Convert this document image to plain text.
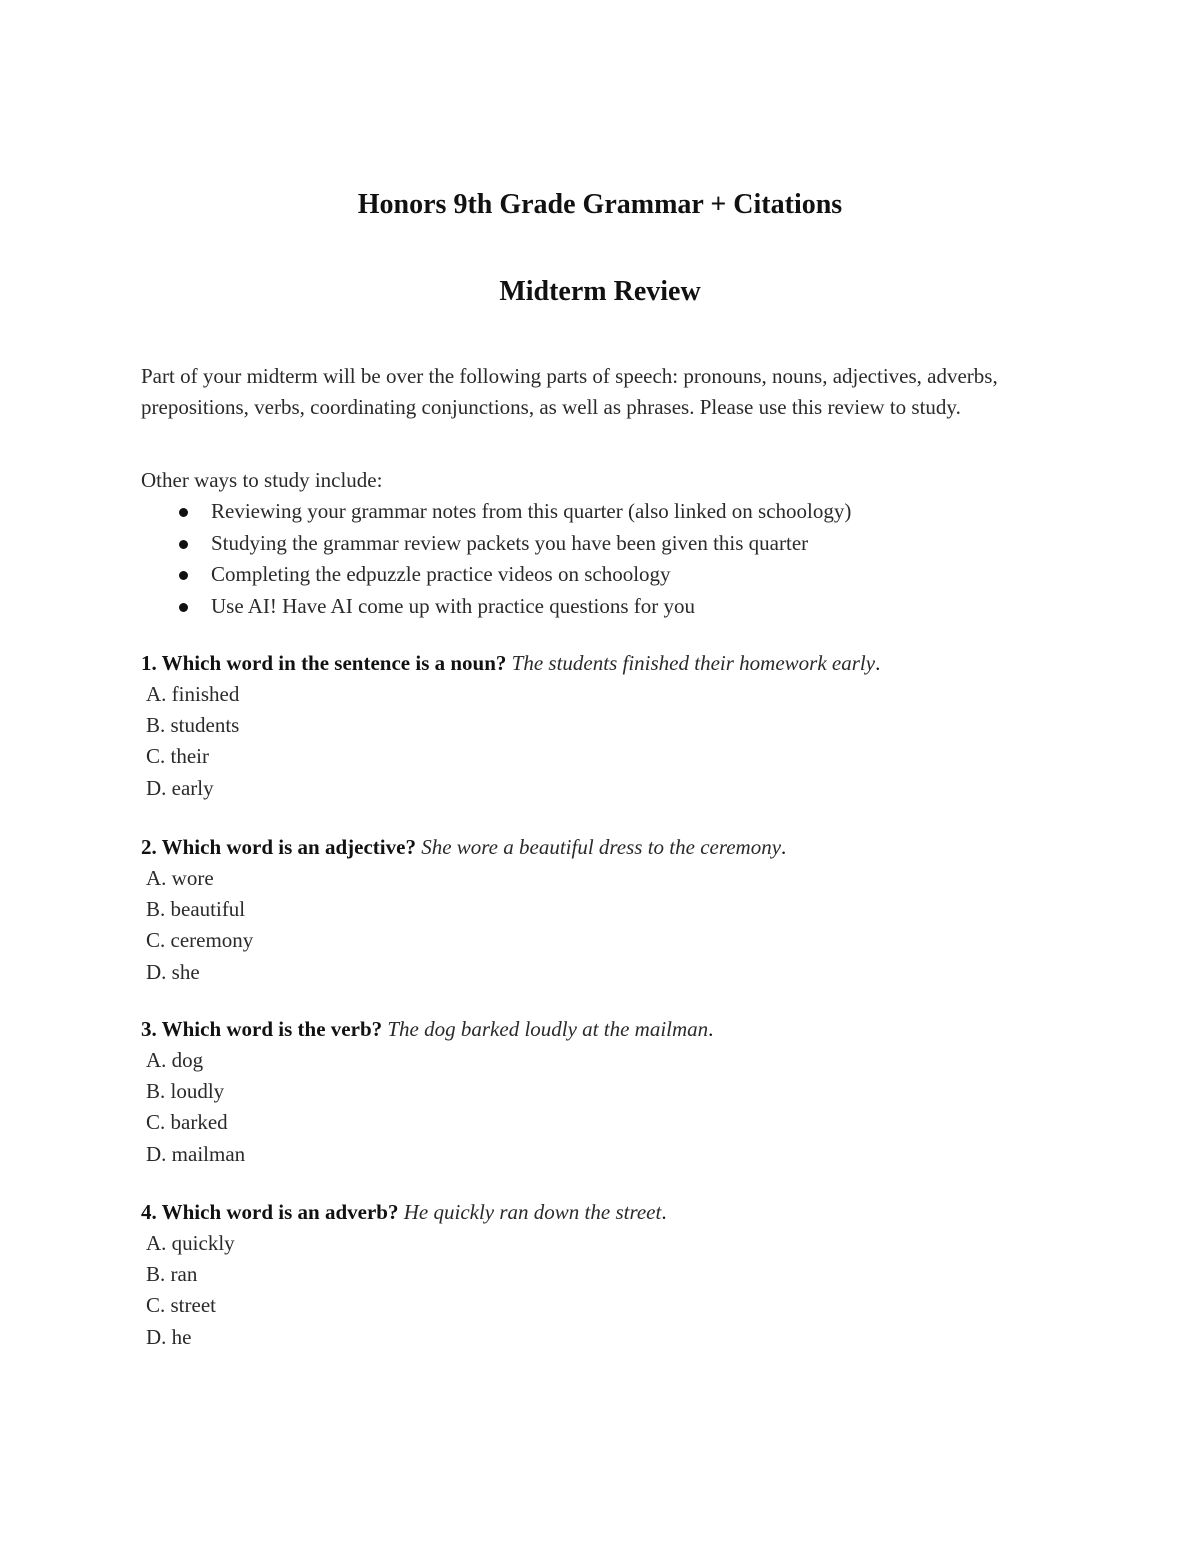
Honors 9th Grade Grammar + Citations
Midterm Review

Part of your midterm will be over the following parts of speech: pronouns, nouns, adjectives, adverbs, prepositions, verbs, coordinating conjunctions, as well as phrases. Please use this review to study.

Other ways to study include:

Reviewing your grammar notes from this quarter (also linked on schoology)
Studying the grammar review packets you have been given this quarter
Completing the edpuzzle practice videos on schoology
Use AI! Have AI come up with practice questions for you

1. Which word in the sentence is a noun? The students finished their homework early.

A. finished
B. students
C. their
D. early

2. Which word is an adjective? She wore a beautiful dress to the ceremony.

A. wore
B. beautiful
C. ceremony
D. she

3. Which word is the verb? The dog barked loudly at the mailman.

A. dog
B. loudly
C. barked
D. mailman

4. Which word is an adverb? He quickly ran down the street.

A. quickly
B. ran
C. street
D. he
